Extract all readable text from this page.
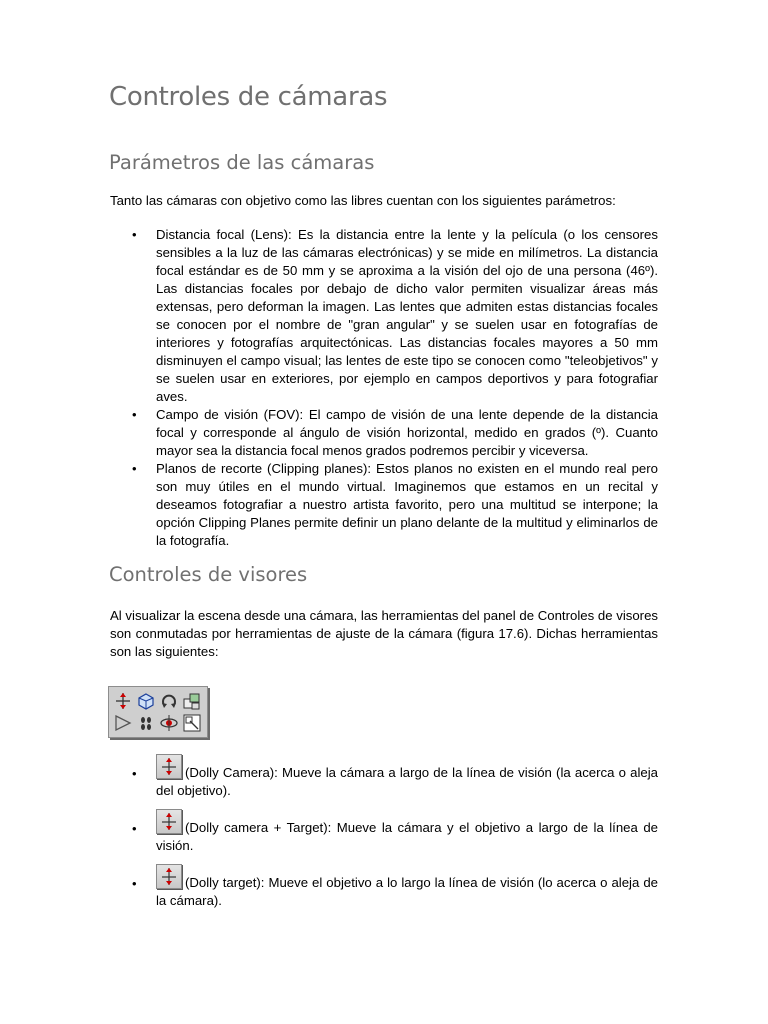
Controles de cámaras
Parámetros de las cámaras

Tanto las cámaras con objetivo como las libres cuentan con los siguientes parámetros:

• Distancia focal (Lens): Es la distancia entre la lente y la película (o los censores sensibles a la luz de las cámaras electrónicas) y se mide en milímetros. La distancia focal estándar es de 50 mm y se aproxima a la visión del ojo de una persona (46º). Las distancias focales por debajo de dicho valor permiten visualizar áreas más extensas, pero deforman la imagen. Las lentes que admiten estas distancias focales se conocen por el nombre de "gran angular" y se suelen usar en fotografías de interiores y fotografías arquitectónicas. Las distancias focales mayores a 50 mm disminuyen el campo visual; las lentes de este tipo se conocen como "teleobjetivos" y se suelen usar en exteriores, por ejemplo en campos deportivos y para fotografiar aves.
• Campo de visión (FOV): El campo de visión de una lente depende de la distancia focal y corresponde al ángulo de visión horizontal, medido en grados (º). Cuanto mayor sea la distancia focal menos grados podremos percibir y viceversa.
• Planos de recorte (Clipping planes): Estos planos no existen en el mundo real pero son muy útiles en el mundo virtual. Imaginemos que estamos en un recital y deseamos fotografiar a nuestro artista favorito, pero una multitud se interpone; la opción Clipping Planes permite definir un plano delante de la multitud y eliminarlos de la fotografía.
Controles de visores

Al visualizar la escena desde una cámara, las herramientas del panel de Controles de visores son conmutadas por herramientas de ajuste de la cámara (figura 17.6). Dichas herramientas son las siguientes:

•	(Dolly Camera): Mueve la cámara a largo de la línea de visión (la acerca o aleja del objetivo).
•	(Dolly camera + Target): Mueve la cámara y el objetivo a largo de la línea de visión.
•	(Dolly target): Mueve el objetivo a lo largo la línea de visión (lo acerca o aleja de la cámara).
